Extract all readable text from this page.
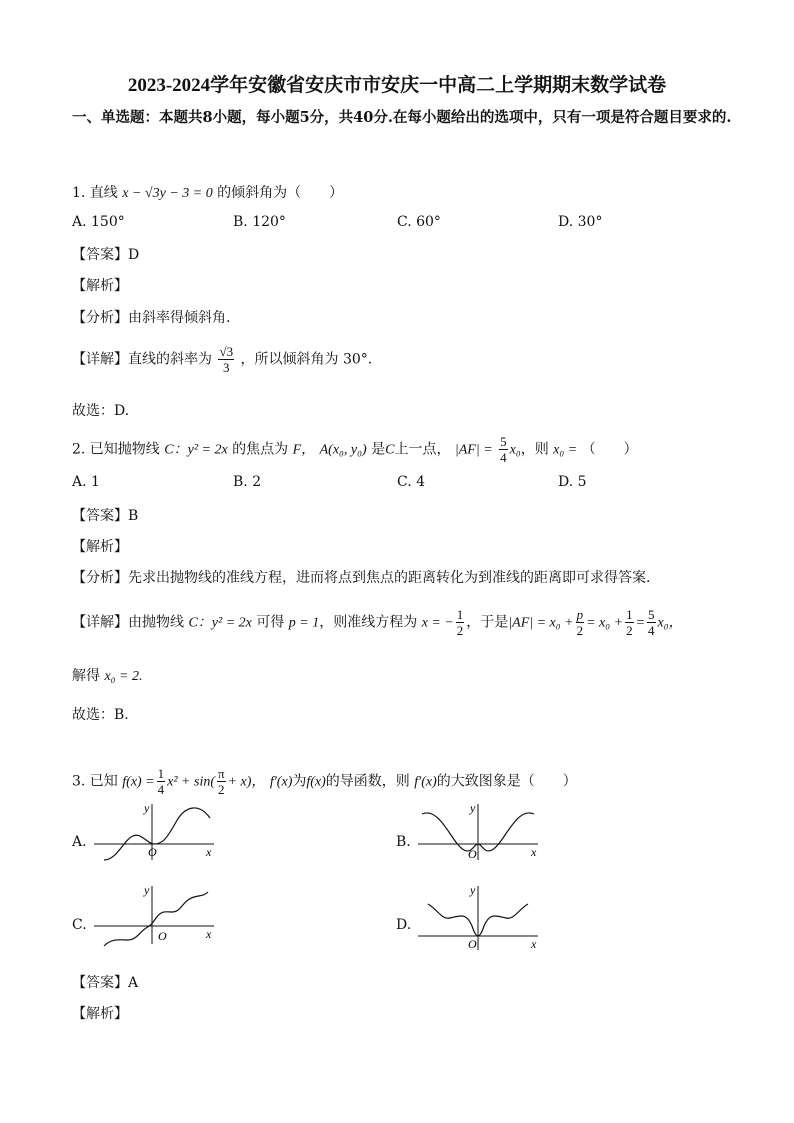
2023-2024学年安徽省安庆市市安庆一中高二上学期期末数学试卷
一、单选题：本题共8小题，每小题5分，共40分.在每小题给出的选项中，只有一项是符合题目要求的.
1. 直线 x − √3y − 3 = 0 的倾斜角为（　　）
A. 150°	B. 120°	C. 60°	D. 30°
【答案】D
【解析】
【分析】由斜率得倾斜角.
【详解】直线的斜率为 $\frac{√3}{3}$ ，所以倾斜角为 30°.
故选：D.
2. 已知抛物线 C：y² = 2x 的焦点为 F， A(x₀, y₀) 是C上一点， $|AF| = \frac{5}{4} x_0$，则 x₀ = （　　）
A. 1	B. 2	C. 4	D. 5
【答案】B
【解析】
【分析】先求出抛物线的准线方程，进而将点到焦点的距离转化为到准线的距离即可求得答案.
【详解】由抛物线 C：y² = 2x 可得 p = 1，则准线方程为 x = − $\frac{1}{2}$ ，于是$|AF| = x_0 + \frac{p}{2} = x_0 + \frac{1}{2} = \frac{5}{4} x_0$，
解得 x₀ = 2.
故选：B.
3. 已知 $f(x) = \frac{1}{4} x^2 + \sin( \frac{\pi}{2} + x)$， f′(x)为f(x)的导函数，则 f′(x)的大致图象是（　　）
A.
O	x
y
B.
O	x
y
C.
O	x
y
D.
O	x
y
【答案】A
【解析】
